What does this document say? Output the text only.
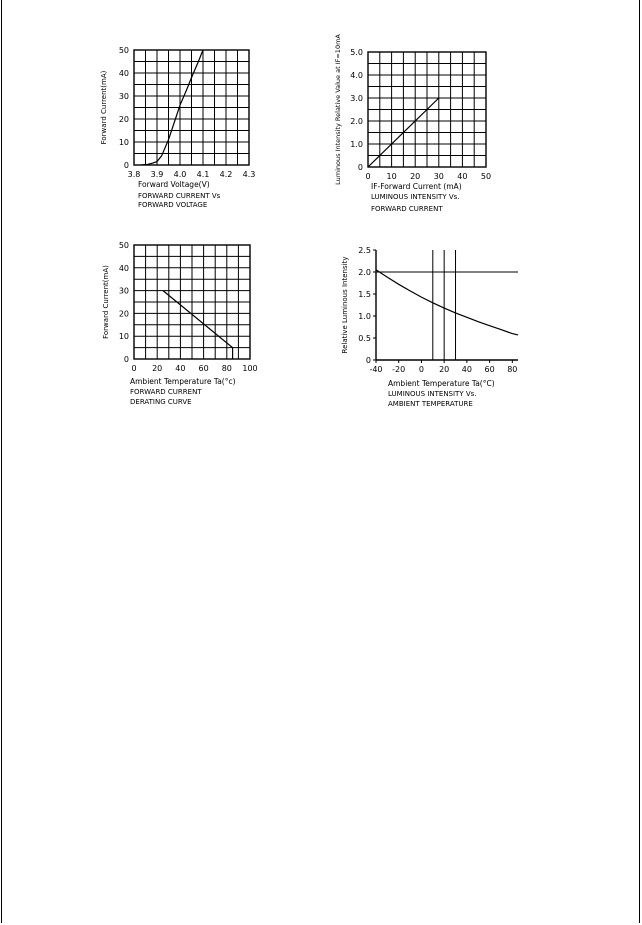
3.8 3.9 4.0 4.1 4.2 4.3
0
10
20
30
40
50
Forward Current(mA)
Forward Voltage(V)
FORWARD CURRENT Vs
FORWARD VOLTAGE
0 10 20 30 40 50
0
1.0
2.0
3.0
4.0
5.0
Luminous Intensity Relative Value at IF=10mA
IF-Forward Current (mA)
LUMINOUS INTENSITY Vs.
FORWARD CURRENT
0 20 40 60 80 100
0
10
20
30
40
50
Forward Current(mA)
Ambient Temperature Ta(°c)
FORWARD CURRENT
DERATING CURVE
-40 -20 0 20 40 60 80
0
0.5
1.0
1.5
2.0
2.5
Relative Luminous Intensity
Ambient Temperature Ta(°C)
LUMINOUS INTENSITY Vs.
AMBIENT TEMPERATURE
